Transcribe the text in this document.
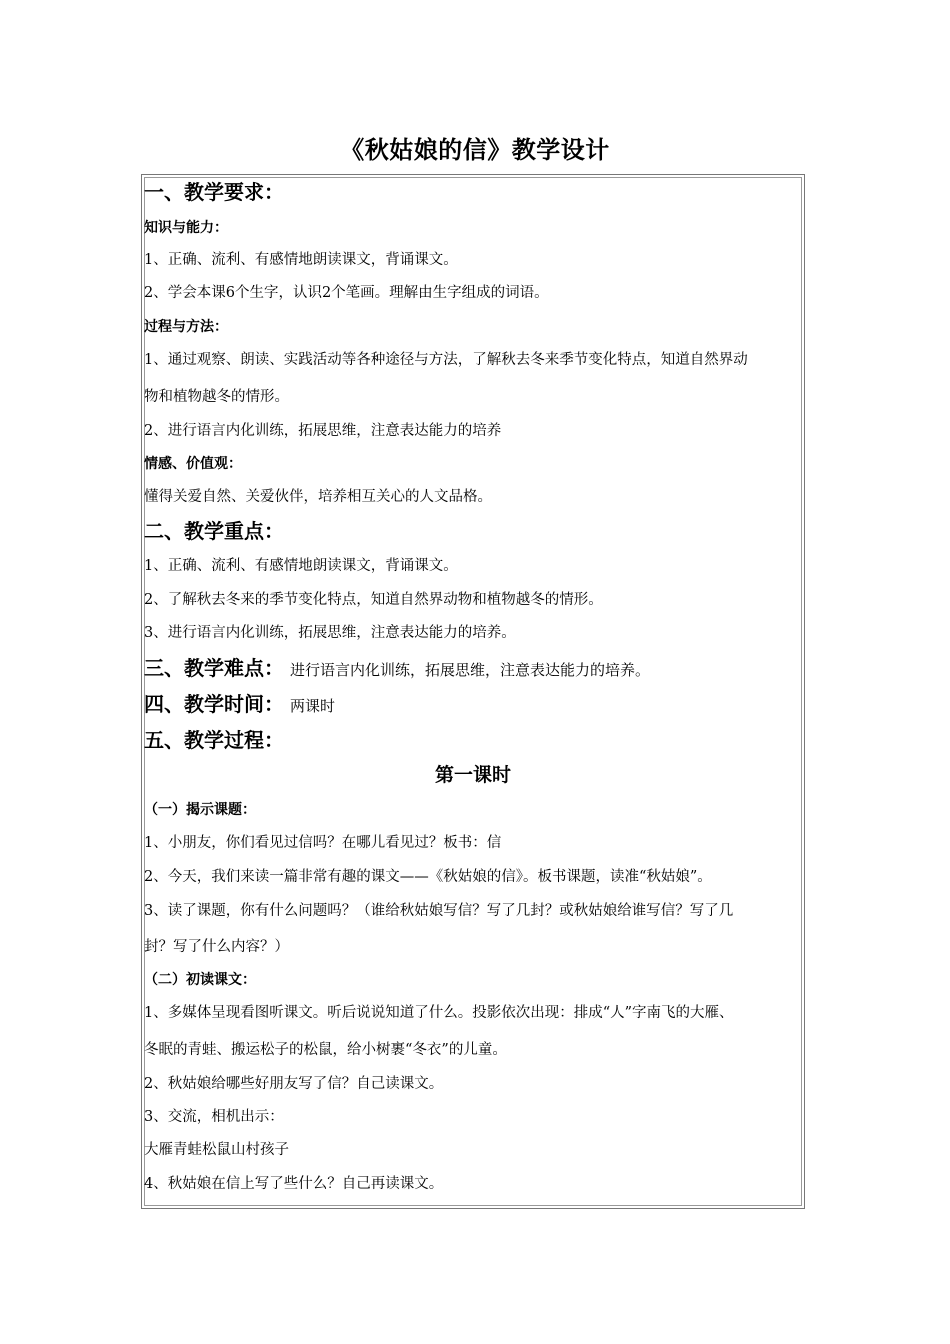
《秋姑娘的信》教学设计
一、教学要求：
知识与能力：
1、正确、流利、有感情地朗读课文，背诵课文。
2、学会本课6个生字，认识2个笔画。理解由生字组成的词语。
过程与方法：
1、通过观察、朗读、实践活动等各种途径与方法，了解秋去冬来季节变化特点，知道自然界动
物和植物越冬的情形。
2、进行语言内化训练，拓展思维，注意表达能力的培养
情感、价值观：
懂得关爱自然、关爱伙伴，培养相互关心的人文品格。
二、教学重点：
1、正确、流利、有感情地朗读课文，背诵课文。
2、了解秋去冬来的季节变化特点，知道自然界动物和植物越冬的情形。
3、进行语言内化训练，拓展思维，注意表达能力的培养。
三、教学难点： 进行语言内化训练，拓展思维，注意表达能力的培养。
四、教学时间： 两课时
五、教学过程：
第一课时
（一）揭示课题：
1、小朋友，你们看见过信吗？在哪儿看见过？板书：信
2、今天，我们来读一篇非常有趣的课文——《秋姑娘的信》。板书课题，读准“秋姑娘”。
3、读了课题，你有什么问题吗？（谁给秋姑娘写信？写了几封？或秋姑娘给谁写信？写了几
封？写了什么内容？）
（二）初读课文：
1、多媒体呈现看图听课文。听后说说知道了什么。投影依次出现：排成“人”字南飞的大雁、
冬眠的青蛙、搬运松子的松鼠，给小树裹“冬衣”的儿童。
2、秋姑娘给哪些好朋友写了信？自己读课文。
3、交流，相机出示：
大雁青蛙松鼠山村孩子
4、秋姑娘在信上写了些什么？自己再读课文。
